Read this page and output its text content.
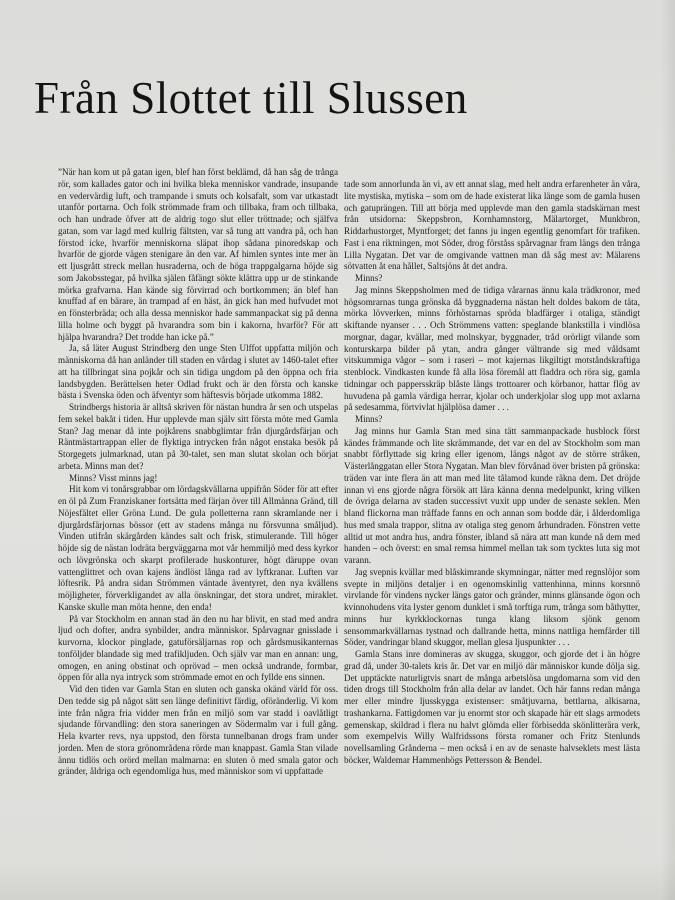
Från Slottet till Slussen

”När han kom ut på gatan igen, blef han först beklämd, då han såg de trånga rör, som kallades gator och ini hvilka bleka menniskor vandrade, insupande en vedervärdig luft, och trampande i smuts och kolsafalt, som var utkastadt utanför portarna. Och folk strömmade fram och tillbaka, fram och tillbaka, och han undrade öfver att de aldrig togo slut eller tröttnade; och själfva gatan, som var lagd med kullrig fältsten, var så tung att vandra på, och han förstod icke, hvarför menniskorna släpat ihop sådana pinoredskap och hvarför de gjorde vägen stenigare än den var. Af himlen syntes inte mer än ett ljusgrått streck mellan husraderna, och de höga trappgalgarna höjde sig som Jakobsstegar, på hvilka själen fåfängt sökte klättra upp ur de stinkande mörka grafvarna. Han kände sig förvirrad och bortkommen; än blef han knuffad af en bärare, än trampad af en häst, än gick han med hufvudet mot en fönsterbräda; och alla dessa menniskor hade sammanpackat sig på denna lilla holme och byggt på hvarandra som bin i kakorna, hvarför? För att hjälpa hvarandra? Det trodde han icke på.”

Ja, så läter August Strindberg den unge Sten Ulffot uppfatta miljön och människorna då han anländer till staden en vårdag i slutet av 1460-talet efter att ha tillbringat sina pojkår och sin tidiga ungdom på den öppna och fria landsbygden. Berättelsen heter Odlad frukt och är den första och kanske bästa i Svenska öden och äfventyr som häftesvis började utkomma 1882.

Strindbergs historia är alltså skriven för nästan hundra år sen och utspelas fem sekel bakåt i tiden. Hur upplevde man själv sitt första möte med Gamla Stan? Jag menar då inte pojkårens snabbglimtar från djurgårdsfärjan och Räntmästartrappan eller de flyktiga intrycken från något enstaka besök på Storgegets julmarknad, utan på 30-talet, sen man slutat skolan och börjat arbeta. Minns man det?

Minns? Visst minns jag!

Hit kom vi tonårsgrabbar om lördagskvällarna uppifrån Söder för att efter en öl på Zum Franziskaner fortsätta med färjan över till Allmänna Gränd, till Nöjesfältet eller Gröna Lund. De gula polletterna rann skramlande ner i djurgårdsfärjornas bössor (ett av stadens många nu försvunna småljud). Vinden utifrån skärgården kändes salt och frisk, stimulerande. Till höger höjde sig de nästan lodräta bergväggarna mot vår hemmiljö med dess kyrkor och lövgrönska och skarpt profilerade huskonturer, högt däruppe ovan vattenglittret och ovan kajens ändlöst långa rad av lyftkranar. Luften var löftesrik. På andra sidan Strömmen väntade äventyret, den nya kvällens möjligheter, förverkligandet av alla önskningar, det stora undret, miraklet. Kanske skulle man möta henne, den enda!

På var Stockholm en annan stad än den nu har blivit, en stad med andra ljud och dofter, andra synbilder, andra människor. Spårvagnar gnisslade i kurvorna, klockor pinglade, gatuförsäljarnas rop och gårdsmusikanternas tonföljder blandade sig med trafikljuden. Och själv var man en annan: ung, omogen, en aning obstinat och oprövad – men också undrande, formbar, öppen för alla nya intryck som strömmade emot en och fyllde ens sinnen.

Vid den tiden var Gamla Stan en sluten och ganska okänd värld för oss. Den tedde sig på något sätt sen länge definitivt färdig, oföränderlig. Vi kom inte från några fria vidder men från en miljö som var stadd i oavlåtligt sjudande förvandling: den stora saneringen av Södermalm var i full gång. Hela kvarter revs, nya uppstod, den första tunnelbanan drogs fram under jorden. Men de stora grönområdena rörde man knappast. Gamla Stan vilade ännu tidlös och orörd mellan malmarna: en sluten ö med smala gator och gränder, åldriga och egendomliga hus, med människor som vi uppfattade

tade som annorlunda än vi, av ett annat slag, med helt andra erfarenheter än våra, lite mystiska, mytiska – som om de hade existerat lika länge som de gamla husen och gatuprängen. Till att börja med upplevde man den gamla stadskärnan mest från utsidorna: Skeppsbron, Kornhamnstorg, Mälartorget, Munkbron, Riddarhustorget, Myntforget; det fanns ju ingen egentlig genomfart för trafiken. Fast i ena riktningen, mot Söder, drog förståss spårvagnar fram längs den trånga Lilla Nygatan. Det var de omgivande vattnen man då såg mest av: Mälarens sötvatten åt ena hållet, Saltsjöns åt det andra.

Minns?

Jag minns Skeppsholmen med de tidiga vårarnas ännu kala trädkronor, med högsomrarnas tunga grönska då byggnaderna nästan helt doldes bakom de täta, mörka lövverken, minns förhöstarnas spröda bladfärger i otaliga, ständigt skiftande nyanser . . . Och Strömmens vatten: speglande blankstilla i vindlösa morgnar, dagar, kvällar, med molnskyar, byggnader, tråd orörligt vilande som konturskarpa bilder på ytan, andra gånger vältrande sig med våldsamt vitskummiga vågor – som i raseri – mot kajernas likgiltigt motståndskraftiga stenblock. Vindkasten kunde få alla lösa föremål att fladdra och röra sig, gamla tidningar och pappersskräp blåste längs trottoarer och körbanor, hattar flög av huvudena på gamla värdiga herrar, kjolar och underkjolar slog upp mot axlarna på sedesamma, förtvivlat hjälplösa damer . . .

Minns?

Jag minns hur Gamla Stan med sina tätt sammanpackade husblock först kändes främmande och lite skrämmande, det var en del av Stockholm som man snabbt förflyttade sig kring eller igenom, längs något av de större stråken, Västerlånggatan eller Stora Nygatan. Man blev förvånad över bristen på grönska: träden var inte flera än att man med lite tålamod kunde räkna dem. Det dröjde innan vi ens gjorde några försök att lära känna denna medelpunkt, kring vilken de övriga delarna av staden successivt vuxit upp under de senaste seklen. Men bland flickorna man träffade fanns en och annan som bodde där, i ålderdomliga hus med smala trappor, slitna av otaliga steg genom århundraden. Fönstren vette alltid ut mot andra hus, andra fönster, ibland så nära att man kunde nå dem med handen – och överst: en smal remsa himmel mellan tak som tycktes luta sig mot varann.

Jag svepnis kvällar med blåskimrande skymningar, nätter med regnslöjor som svepte in miljöns detaljer i en ogenomskinlig vattenhinna, minns korsnnö virvlande för vindens nycker längs gator och gränder, minns glänsande ögon och kvinnohudens vita lyster genom dunklet i små torftiga rum, trånga som båthytter, minns hur kyrkklockornas tunga klang liksom sjönk genom sensommarkvällarnas tystnad och dallrande hetta, minns nattliga hemfärder till Söder, vandringar bland skuggor, mellan glesa ljuspunkter . . .

Gamla Stans inre domineras av skugga, skuggor, och gjorde det i än högre grad då, under 30-talets kris år. Det var en miljö där människor kunde dölja sig. Det upptäckte naturligtvis snart de många arbetslösa ungdomarna som vid den tiden drogs till Stockholm från alla delar av landet. Och här fanns redan många mer eller mindre ljusskygga existenser: småtjuvarna, bettlarna, alkisarna, trashankarna. Fattigdomen var ju enormt stor och skapade här ett slags armodets gemenskap, skildrad i flera nu halvt glömda eller förbisedda skönlitterära verk, som exempelvis Willy Walfridssons första romaner och Fritz Stenlunds novellsamling Grånderna – men också i en av de senaste halvseklets mest lästa böcker, Waldemar Hammenhögs Pettersson & Bendel.
